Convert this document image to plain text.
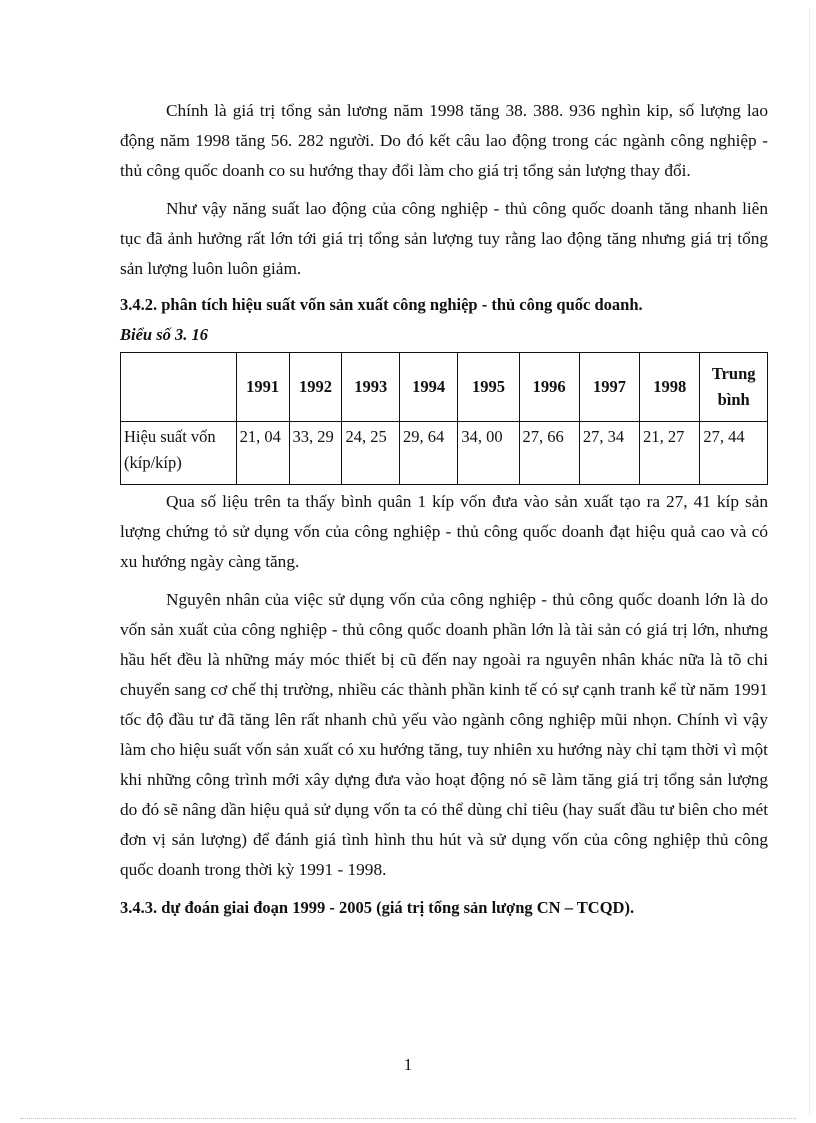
Chính là giá trị tổng sản lương năm 1998 tăng 38. 388. 936 nghìn kip, số lượng lao động năm 1998 tăng 56. 282 người. Do đó kết câu lao động trong các ngành công nghiệp - thủ công quốc doanh co su hướng thay đổi làm cho giá trị tổng sản lượng thay đổi.

Như vậy năng suất lao động của công nghiệp - thủ công quốc doanh tăng nhanh liên tục đã ảnh hưởng rất lớn tới giá trị tổng sản lượng tuy rằng lao động tăng nhưng giá trị tổng sản lượng luôn luôn giảm.

3.4.2. phân tích hiệu suất vốn sản xuất công nghiệp - thủ công quốc doanh.

Biểu số 3. 16

	1991	1992	1993	1994	1995	1996	1997	1998	Trung bình
Hiệu suất vốn (kíp/kíp)	21, 04	33, 29	24, 25	29, 64	34, 00	27, 66	27, 34	21, 27	27, 44

Qua số liệu trên ta thấy bình quân 1 kíp vốn đưa vào sản xuất tạo ra 27, 41 kíp sản lượng chứng tỏ sử dụng vốn của công nghiệp - thủ công quốc doanh đạt hiệu quả cao và có xu hướng ngày càng tăng.

Nguyên nhân của việc sử dụng vốn của công nghiệp - thủ công quốc doanh lớn là do vốn sản xuất của công nghiệp - thủ công quốc doanh phần lớn là tài sản có giá trị lớn, nhưng hầu hết đều là những máy móc thiết bị cũ đến nay ngoài ra nguyên nhân khác nữa là tõ chi chuyển sang cơ chế thị trường, nhiều các thành phần kinh tế có sự cạnh tranh kể từ năm 1991 tốc độ đầu tư đã tăng lên rất nhanh chủ yếu vào ngành công nghiệp mũi nhọn. Chính vì vậy làm cho hiệu suất vốn sản xuất có xu hướng tăng, tuy nhiên xu hướng này chỉ tạm thời vì một khi những công trình mới xây dựng đưa vào hoạt động nó sẽ làm tăng giá trị tổng sản lượng do đó sẽ nâng dần hiệu quả sử dụng vốn ta có thể dùng chỉ tiêu (hay suất đầu tư biên cho mét đơn vị sản lượng) để đánh giá tình hình thu hút và sử dụng vốn của công nghiệp thủ công quốc doanh trong thời kỳ 1991 - 1998.

3.4.3. dự đoán giai đoạn 1999 - 2005 (giá trị tổng sản lượng CN – TCQD).

1
